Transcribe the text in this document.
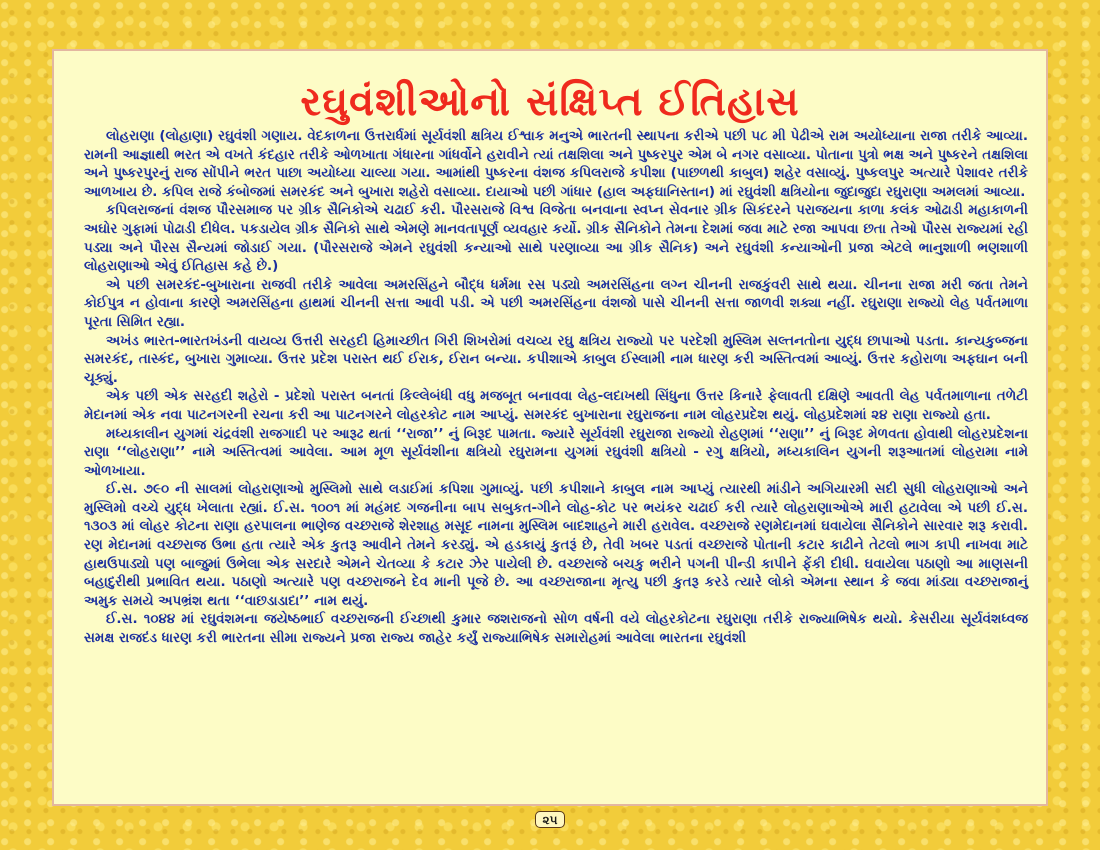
રઘુવંશીઓનો સંક્ષિપ્ત ઈતિહાસ

લોહરાણા (લોહાણા) રઘુવંશી ગણાય. વેદકાળના ઉત્તરાર્ધમાં સૂર્યવંશી ક્ષત્રિય ઈશ્વાક મનુએ ભારતની સ્થાપના કરીએ પછી ૫૮ મી પેઢીએ રામ અયોધ્યાના રાજા તરીકે આવ્યા. રામની આજ્ઞાથી ભરત એ વખતે કંદહાર તરીકે ઓળખાતા ગંધારના ગાંધર્વોને હરાવીને ત્યાં તક્ષશિલા અને પુષ્કરપુર એમ બે નગર વસાવ્યા. પોતાના પુત્રો ભક્ષ અને પુષ્કરને તક્ષશિલા અને પુષ્કરપુરનું રાજ સોંપીને ભરત પાછા અયોધ્યા ચાલ્યા ગયા. આમાંથી પુષ્કરના વંશજ કપિલરાજે કપીશા (પાછળથી કાબુલ) શહેર વસાવ્યું. પુષ્કલપુર અત્યારે પેશાવર તરીકે આળખાય છે. કપિલ રાજે કંબોજમાં સમરકંદ અને બુખારા શહેરો વસાવ્યા. દાયાઓ પછી ગાંધાર (હાલ અફઘાનિસ્તાન) માં રઘુવંશી ક્ષત્રિયોના જુદાજુદા રઘુરાણા અમલમાં આવ્યા.

કપિલરાજનાં વંશજ પૌરસમાજ પર ગ્રીક સૈનિકોએ ચઢાઈ કરી. પૌરસરાજે વિશ્વ વિજેતા બનવાના સ્વપ્ન સેવનાર ગ્રીક સિકંદરને પરાજયના કાળા કલંક ઓઢાડી મહાકાળની અઘોર ગુફામાં પોઢાડી દીધેલ. પકડાયેલ ગ્રીક સૈનિકો સાથે એમણે માનવતાપૂર્ણ વ્યવહાર કર્યો. ગ્રીક સૈનિકોને તેમના દેશમાં જવા માટે રજા આપવા છતા તેઓ પૌરસ રાજ્યમાં રહી પડ્યા અને પૌરસ સૈન્યમાં જોડાઈ ગયા. (પૌરસરાજે એમને રઘુવંશી કન્યાઓ સાથે પરણાવ્યા આ ગ્રીક સૈનિક) અને રઘુવંશી કન્યાઓની પ્રજા એટલે ભાનુશાળી ભણશાળી લોહરાણાઓ એવું ઈતિહાસ કહે છે.)

એ પછી સમરકંદ-બુખારાના રાજવી તરીકે આવેલા અમરસિંહને બૌદ્ધ ધર્મમા રસ પડ્યો અમરસિંહના લગ્ન ચીનની રાજકુંવરી સાથે થયા. ચીનના રાજા મરી જતા તેમને કોઈપુત્ર ન હોવાના કારણે અમરસિંહના હાથમાં ચીનની સત્તા આવી પડી. એ પછી અમરસિંહના વંશજો પાસે ચીનની સત્તા જાળવી શક્યા નહીં. રઘુરાણા રાજ્યો લેહ પર્વતમાળા પૂરતા સિમિત રહ્યા.

અખંડ ભારત-ભારતખંડની વાયવ્ય ઉત્તરી સરહદી હિમાચ્છીત ગિરી શિખરોમાં વચવ્ય રઘુ ક્ષત્રિય રાજ્યો પર પરદેશી મુસ્લિમ સલ્તનતોના યુદ્ધ છાપાઓ પડતા. કાન્યકુબ્જના સમરકંદ, તાસ્કંદ, બુખારા ગુમાવ્યા. ઉત્તર પ્રદેશ પરાસ્ત થઈ ઈરાક, ઈરાન બન્યા. કપીશાએ કાબુલ ઈસ્લામી નામ ધારણ કરી અસ્તિત્વમાં આવ્યું. ઉત્તર કહોરાળા અફઘાન બની ચૂક્યું.

એક પછી એક સરહદી શહેરો - પ્રદેશો પરાસ્ત બનતાં કિલ્લેબંધી વધુ મજબૂત બનાવવા લેહ-લદાખથી સિંધુના ઉત્તર કિનારે ફેલાવતી દક્ષિણે આવતી લેહ પર્વતમાળાના તળેટી મેદાનમાં એક નવા પાટનગરની રચના કરી આ પાટનગરને લોહરકોટ નામ આપ્યું. સમરકંદ બુખારાના રઘુરાજના નામ લોહરપ્રદેશ થયું. લોહપ્રદેશમાં ૨૪ રાણા રાજ્યો હતા.

મધ્યકાલીન યુગમાં ચંદ્રવંશી રાજગાદી પર આરૂઢ થતાં ‘‘રાજા’’ નું બિરૂદ પામતા. જ્યારે સૂર્યવંશી રઘુરાજા રાજ્યો રોહણમાં ‘‘રાણા’’ નું બિરૂદ મેળવતા હોવાથી લોહરપ્રદેશના રાણા ‘‘લોહરાણા’’ નામે અસ્તિત્વમાં આવેલા. આમ મૂળ સૂર્યવંશીના ક્ષત્રિયો રઘુરામના યુગમાં રઘુવંશી ક્ષત્રિયો - રગુ ક્ષત્રિયો, મધ્યકાલિન યુગની શરૂઆતમાં લોહરામા નામે ઓળખાયા.

ઈ.સ. ૭૯૦ ની સાલમાં લોહરાણાઓ મુસ્લિમો સાથે લડાઈમાં કપિશા ગુમાવ્યું. પછી કપીશાને કાબુલ નામ આપ્યું ત્યારથી માંડીને અગિયારમી સદી સુધી લોહરાણાઓ અને મુસ્લિમો વચ્ચે યુદ્ધ ખેલાતા રહ્યાં. ઈ.સ. ૧૦૦૧ માં મહંમદ ગજનીના બાપ સબુકત-ગીને લોહ-કોટ પર ભયંકર ચઢાઈ કરી ત્યારે લોહરાણાઓએ મારી હટાવેલા એ પછી ઈ.સ. ૧૩૦૩ માં લોહર કોટના રાણા હરપાલના ભાણેજ વચ્છરાજે શેરશાહ મસૂદ નામના મુસ્લિમ બાદશાહને મારી હરાવેલ. વચ્છરાજે રણમેદાનમાં ઘવાયેલા સૈનિકોને સારવાર શરૂ કરાવી. રણ મેદાનમાં વચ્છરાજ ઉભા હતા ત્યારે એક કુતરૂ આવીને તેમને કરડ્યું. એ હડકાયું કુતરૂં છે, તેવી ખબર પડતાં વચ્છરાજે પોતાની કટાર કાઢીને તેટલો ભાગ કાપી નાખવા માટે હાથઉપાડ્યો પણ બાજુમાં ઉભેલા એક સરદારે એમને ચેતવ્યા કે કટાર ઝેર પાયેલી છે. વચ્છરાજે બચકુ ભરીને પગની પીન્ડી કાપીને ફેંકી દીધી. ઘવાયેલા પઠાણો આ માણસની બહાદુરીથી પ્રભાવિત થયા. પઠાણો અત્યારે પણ વચ્છરાજને દેવ માની પૂજે છે. આ વચ્છરાજાના મૃત્યુ પછી કુતરૂ કરડે ત્યારે લોકો એમના સ્થાન કે જવા માંડ્યા વચ્છરાજાનું અમુક સમયે અપભ્રંશ થતા ‘‘વાછડાડાદા’’ નામ થયું.

ઈ.સ. ૧૦૪૪ માં રઘુવંશમના જયેષ્ઠભાઈ વચ્છરાજની ઈચ્છાથી કુમાર જશરાજનો સોળ વર્ષની વયે લોહરકોટના રઘુરાણા તરીકે રાજ્યાભિષેક થયો. કેસરીયા સૂર્યવંશધ્વજ સમક્ષ રાજદંડ ધારણ કરી ભારતના સીમા રાજ્યને પ્રજા રાજ્ય જાહેર કર્યું રાજ્યાભિષેક સમારોહમાં આવેલા ભારતના રઘુવંશી

૨૫
